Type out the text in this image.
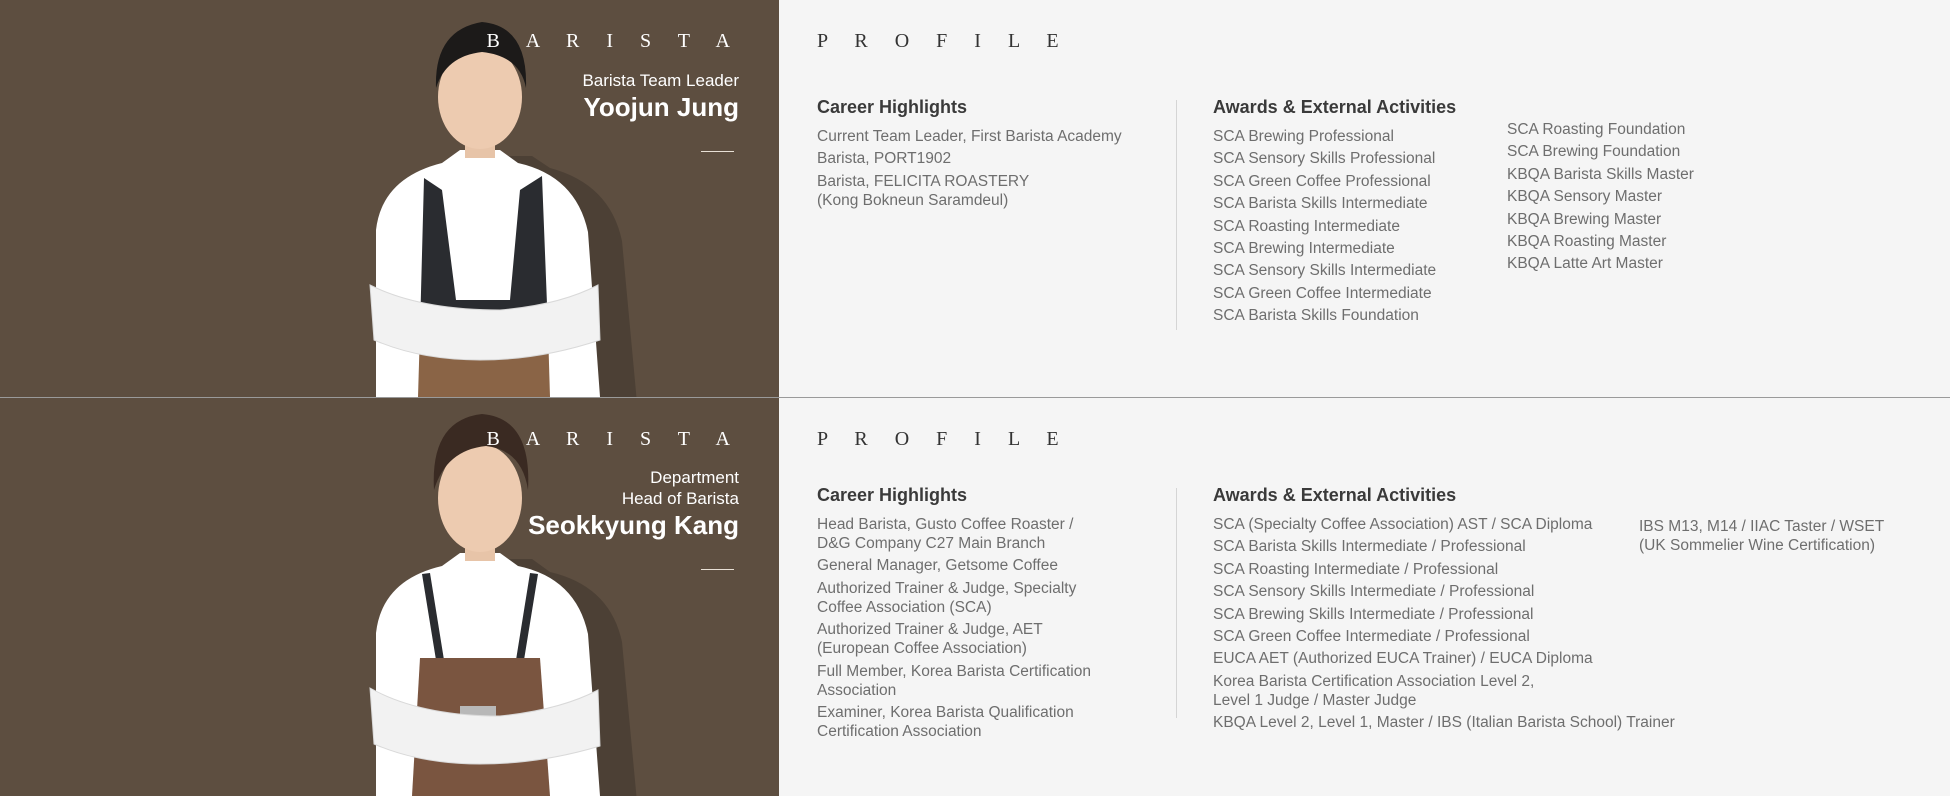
B A R I S T A
Barista Team Leader
Yoojun Jung
P R O F I L E
Career Highlights
Current Team Leader, First Barista Academy
Barista, PORT1902
Barista, FELICITA ROASTERY
(Kong Bokneun Saramdeul)
Awards & External Activities
SCA Brewing Professional
SCA Sensory Skills Professional
SCA Green Coffee Professional
SCA Barista Skills Intermediate
SCA Roasting Intermediate
SCA Brewing Intermediate
SCA Sensory Skills Intermediate
SCA Green Coffee Intermediate
SCA Barista Skills Foundation
SCA Roasting Foundation
SCA Brewing Foundation
KBQA Barista Skills Master
KBQA Sensory Master
KBQA Brewing Master
KBQA Roasting Master
KBQA Latte Art Master
B A R I S T A
Department
Head of Barista
Seokkyung Kang
P R O F I L E
Career Highlights
Head Barista, Gusto Coffee Roaster /
D&G Company C27 Main Branch
General Manager, Getsome Coffee
Authorized Trainer & Judge, Specialty
Coffee Association (SCA)
Authorized Trainer & Judge, AET
(European Coffee Association)
Full Member, Korea Barista Certification
Association
Examiner, Korea Barista Qualification
Certification Association
Awards & External Activities
SCA (Specialty Coffee Association) AST / SCA Diploma
SCA Barista Skills Intermediate / Professional
SCA Roasting Intermediate / Professional
SCA Sensory Skills Intermediate / Professional
SCA Brewing Skills Intermediate / Professional
SCA Green Coffee Intermediate / Professional
EUCA AET (Authorized EUCA Trainer) / EUCA Diploma
Korea Barista Certification Association Level 2,
Level 1 Judge / Master Judge
KBQA Level 2, Level 1, Master / IBS (Italian Barista School) Trainer
IBS M13, M14 / IIAC Taster / WSET
(UK Sommelier Wine Certification)
